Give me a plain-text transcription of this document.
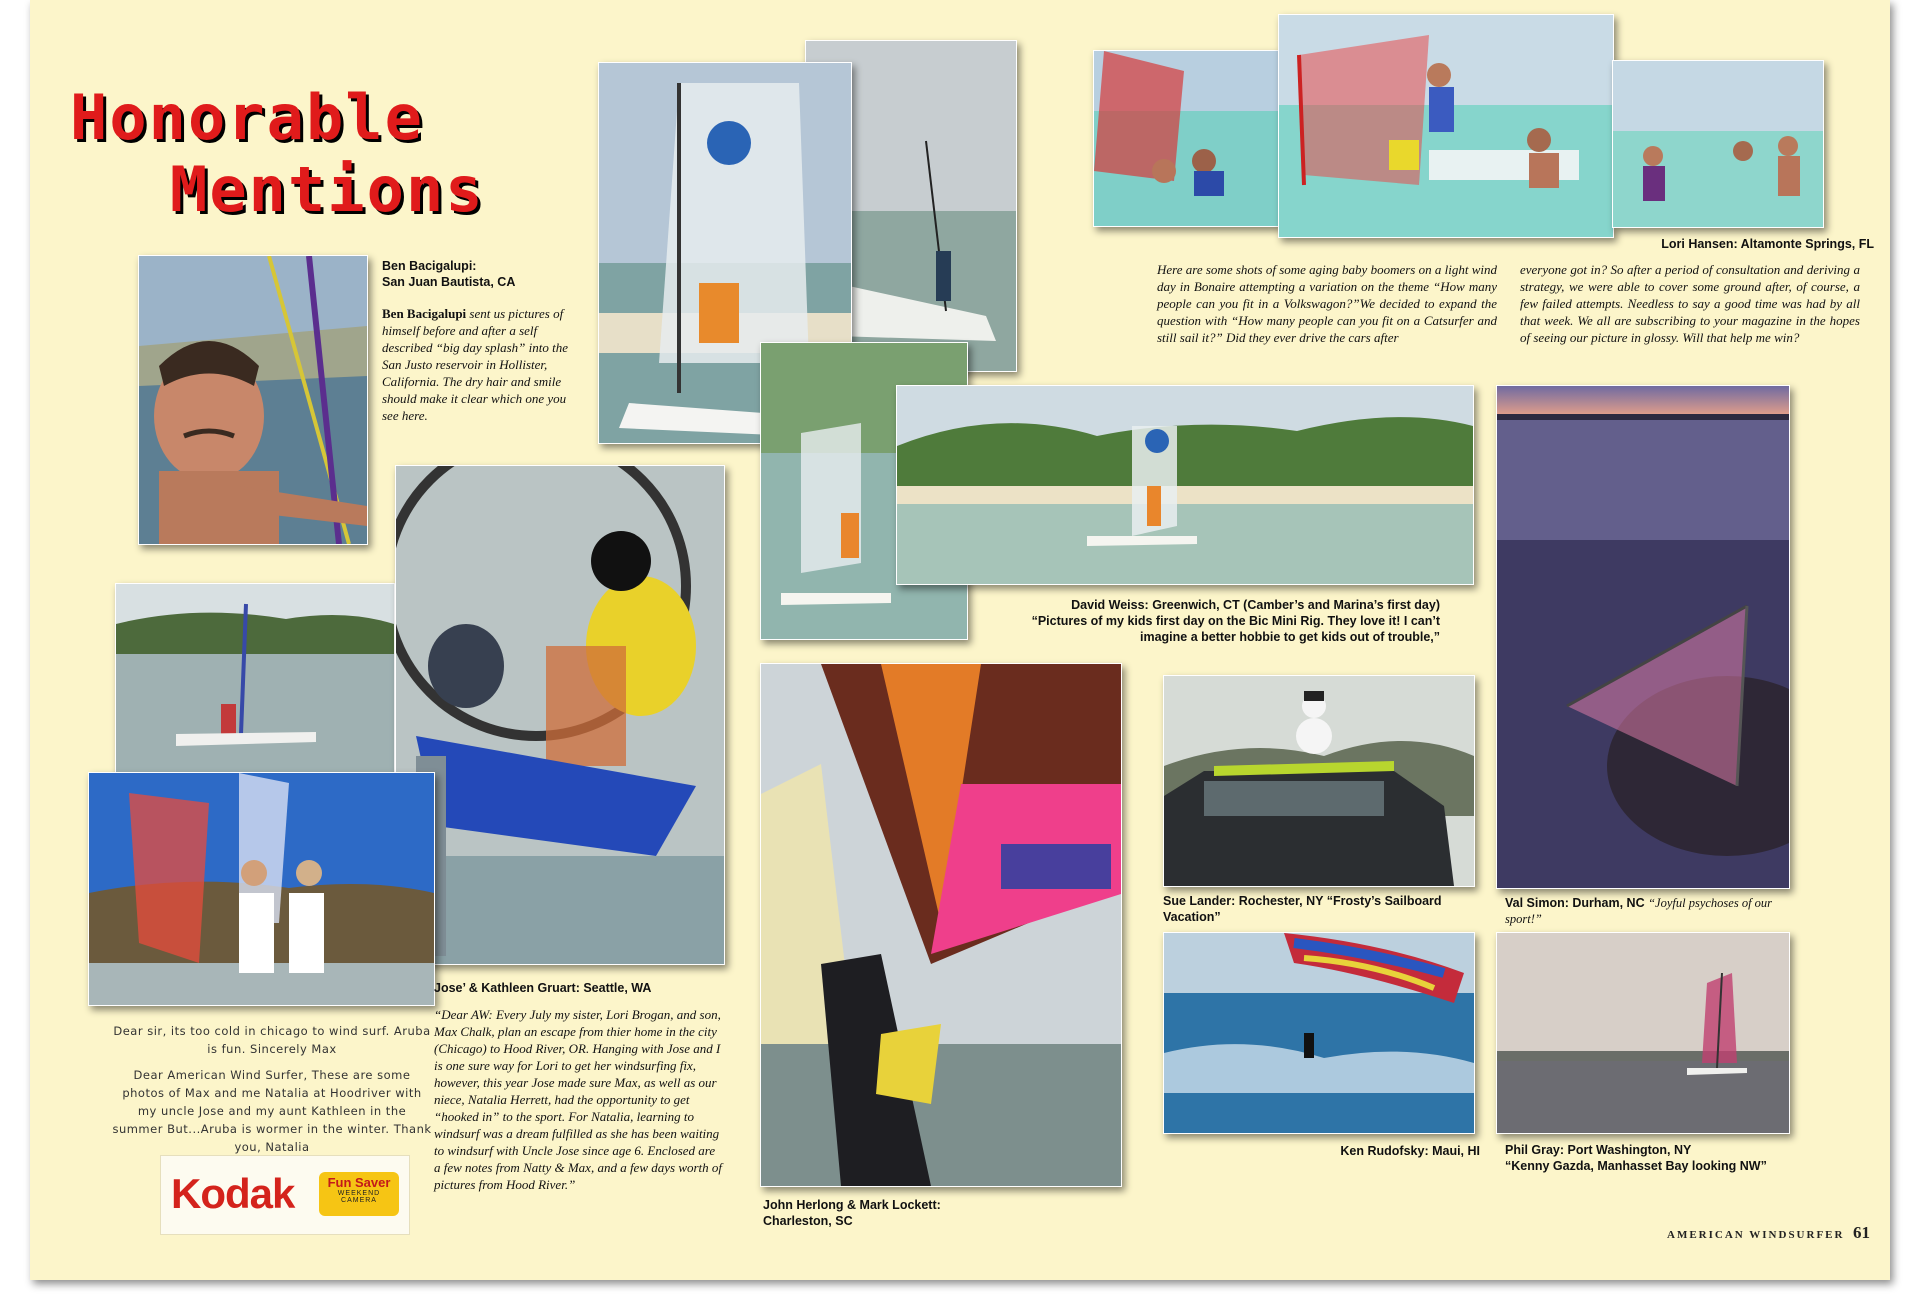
Honorable
Mentions
Ben Bacigalupi:
San Juan Bautista, CA
Ben Bacigalupi sent us pictures of himself before and after a self described “big day splash” into the San Justo reservoir in Hollister, California. The dry hair and smile should make it clear which one you see here.
Lori Hansen: Altamonte Springs, FL
Here are some shots of some aging baby boomers on a light wind day in Bonaire attempting a variation on the theme “How many people can you fit in a Volkswagon?”We decided to expand the question with “How many people can you fit on a Catsurfer and still sail it?” Did they ever drive the cars after
everyone got in? So after a period of consultation and deriving a strategy, we were able to cover some ground after, of course, a few failed attempts. Needless to say a good time was had by all that week. We all are subscribing to your magazine in the hopes of seeing our picture in glossy. Will that help me win?
David Weiss: Greenwich, CT (Camber’s and Marina’s first day)
“Pictures of my kids first day on the Bic Mini Rig. They love it! I can’t imagine a better hobbie to get kids out of trouble,”
Val Simon: Durham, NC “Joyful psychoses of our sport!”
Jose’ & Kathleen Gruart: Seattle, WA
“Dear AW: Every July my sister, Lori Brogan, and son, Max Chalk, plan an escape from thier home in the city (Chicago) to Hood River, OR. Hanging with Jose and I is one sure way for Lori to get her windsurfing fix, however, this year Jose made sure Max, as well as our niece, Natalia Herrett, had the opportunity to get “hooked in” to the sport. For Natalia, learning to windsurf was a dream fulfilled as she has been waiting to windsurf with Uncle Jose since age 6. Enclosed are a few notes from Natty & Max, and a few days worth of pictures from Hood River.”
Dear sir, its too cold in chicago to wind surf. Aruba is fun. Sincerely Max
Dear American Wind Surfer, These are some photos of Max and me Natalia at Hoodriver with my uncle Jose and my aunt Kathleen in the summer But...Aruba is wormer in the winter. Thank you, Natalia
Kodak	Fun Saver
WEEKEND
CAMERA	John Herlong & Mark Lockett:
Charleston, SC
Sue Lander: Rochester, NY “Frosty’s Sailboard Vacation”
Ken Rudofsky: Maui, HI Phil Gray: Port Washington, NY
“Kenny Gazda, Manhasset Bay looking NW”
AMERICAN WINDSURFER 61
